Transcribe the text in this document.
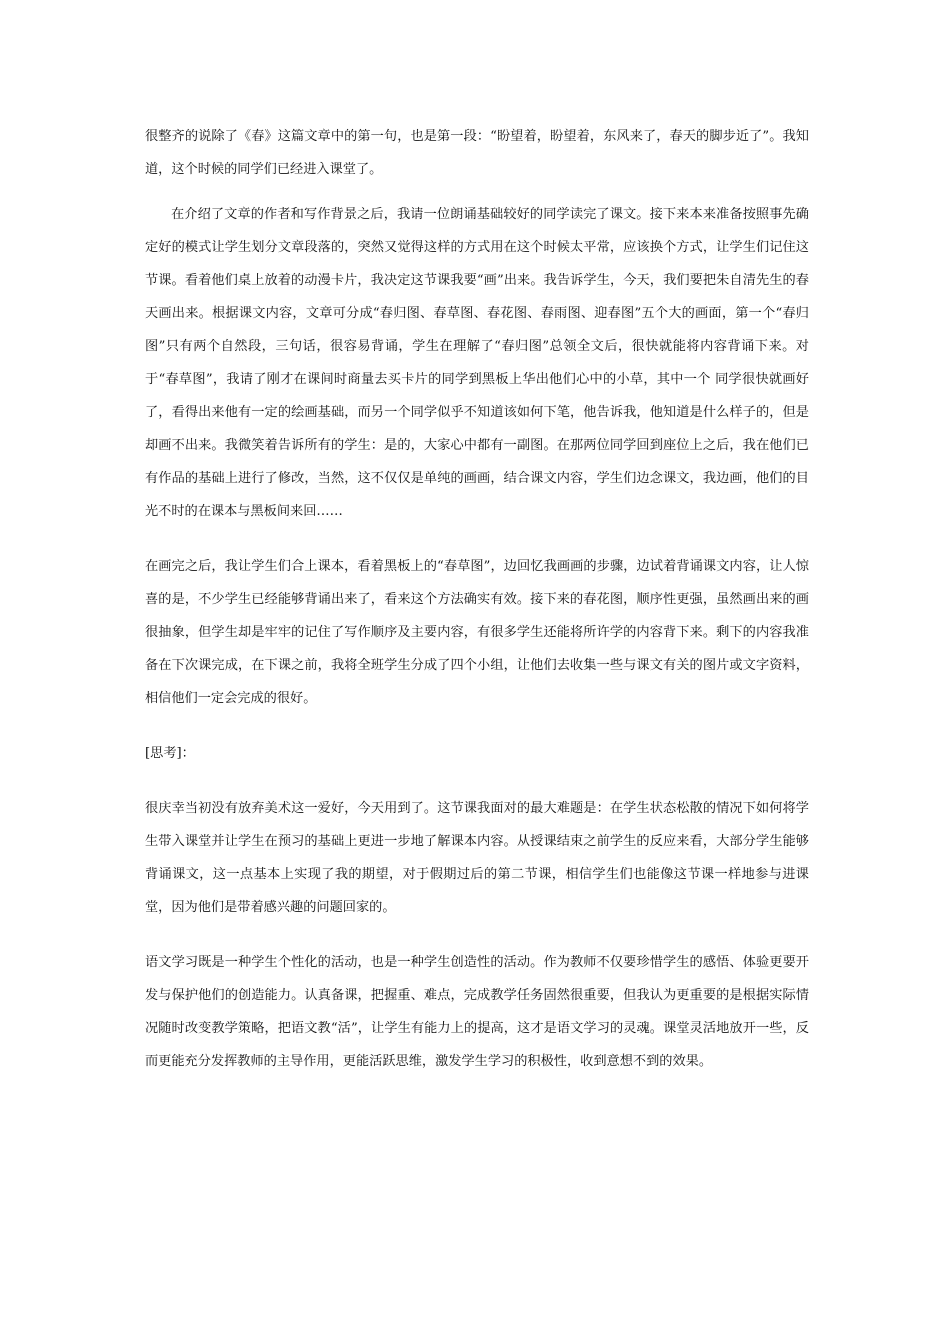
很整齐的说除了《春》这篇文章中的第一句，也是第一段：“盼望着，盼望着，东风来了，春天的脚步近了”。我知道，这个时候的同学们已经进入课堂了。

在介绍了文章的作者和写作背景之后，我请一位朗诵基础较好的同学读完了课文。接下来本来准备按照事先确定好的模式让学生划分文章段落的，突然又觉得这样的方式用在这个时候太平常，应该换个方式，让学生们记住这节课。看着他们桌上放着的动漫卡片，我决定这节课我要“画”出来。我告诉学生，今天，我们要把朱自清先生的春天画出来。根据课文内容，文章可分成“春归图、春草图、春花图、春雨图、迎春图”五个大的画面，第一个“春归图”只有两个自然段，三句话，很容易背诵，学生在理解了“春归图”总领全文后，很快就能将内容背诵下来。对于“春草图”，我请了刚才在课间时商量去买卡片的同学到黑板上华出他们心中的小草，其中一个 同学很快就画好了，看得出来他有一定的绘画基础，而另一个同学似乎不知道该如何下笔，他告诉我，他知道是什么样子的，但是却画不出来。我微笑着告诉所有的学生：是的，大家心中都有一副图。在那两位同学回到座位上之后，我在他们已有作品的基础上进行了修改，当然，这不仅仅是单纯的画画，结合课文内容，学生们边念课文，我边画，他们的目光不时的在课本与黑板间来回……

在画完之后，我让学生们合上课本，看着黑板上的“春草图”，边回忆我画画的步骤，边试着背诵课文内容，让人惊喜的是，不少学生已经能够背诵出来了，看来这个方法确实有效。接下来的春花图，顺序性更强，虽然画出来的画很抽象，但学生却是牢牢的记住了写作顺序及主要内容，有很多学生还能将所许学的内容背下来。剩下的内容我准备在下次课完成，在下课之前，我将全班学生分成了四个小组，让他们去收集一些与课文有关的图片或文字资料，相信他们一定会完成的很好。

[思考]：

很庆幸当初没有放弃美术这一爱好，今天用到了。这节课我面对的最大难题是：在学生状态松散的情况下如何将学生带入课堂并让学生在预习的基础上更进一步地了解课本内容。从授课结束之前学生的反应来看，大部分学生能够背诵课文，这一点基本上实现了我的期望，对于假期过后的第二节课，相信学生们也能像这节课一样地参与进课堂，因为他们是带着感兴趣的问题回家的。

语文学习既是一种学生个性化的活动，也是一种学生创造性的活动。作为教师不仅要珍惜学生的感悟、体验更要开发与保护他们的创造能力。认真备课，把握重、难点，完成教学任务固然很重要，但我认为更重要的是根据实际情况随时改变教学策略，把语文教“活”，让学生有能力上的提高，这才是语文学习的灵魂。课堂灵活地放开一些，反而更能充分发挥教师的主导作用，更能活跃思维，激发学生学习的积极性，收到意想不到的效果。
